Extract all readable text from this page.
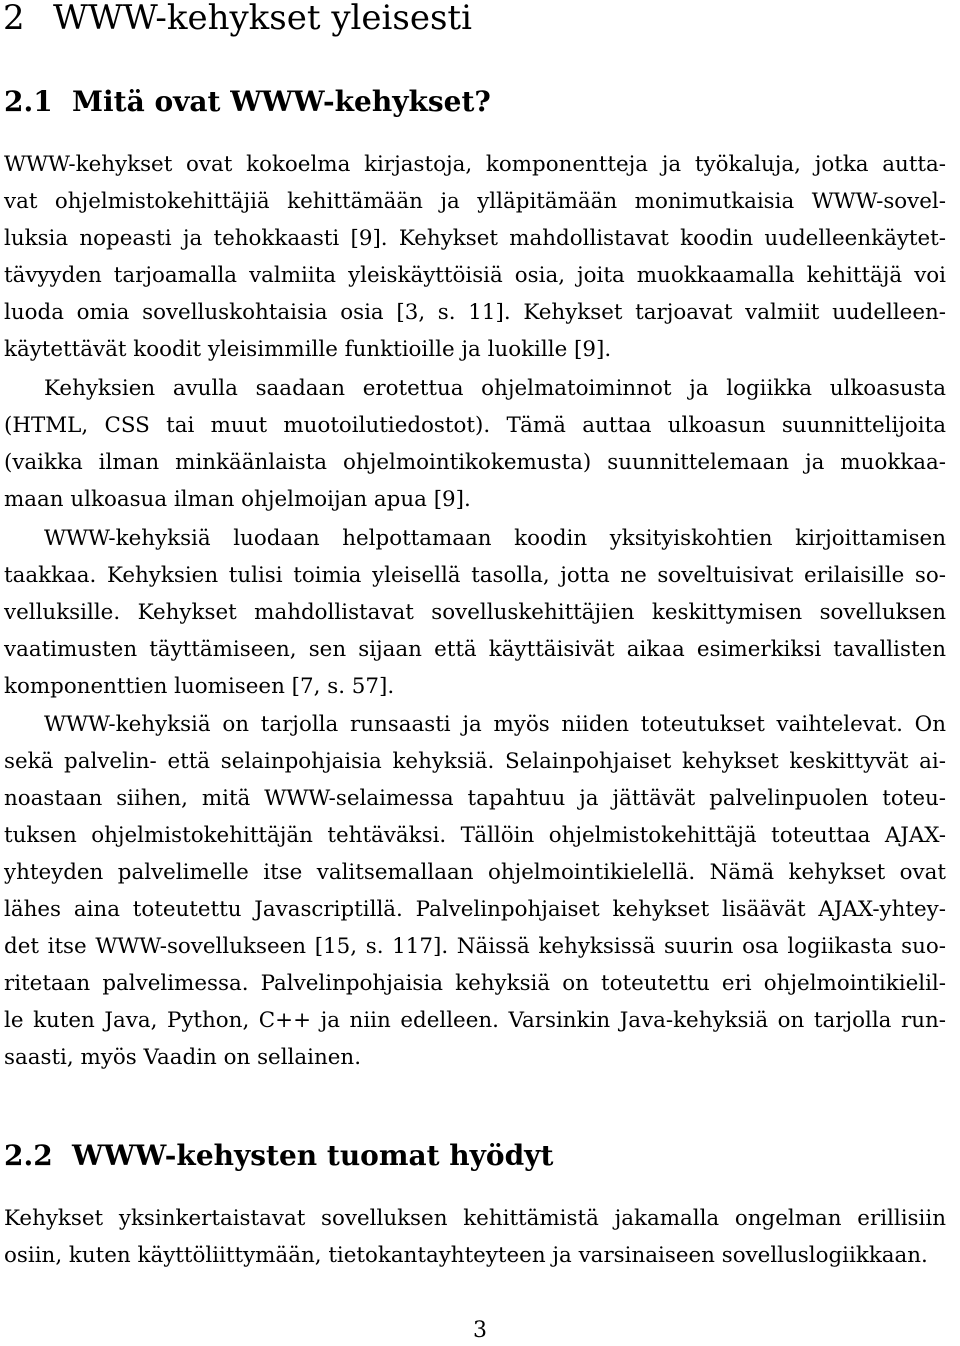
2 WWW-kehykset yleisesti
2.1 Mitä ovat WWW-kehykset?

WWW-kehykset ovat kokoelma kirjastoja, komponentteja ja työkaluja, jotka autta-

vat ohjelmistokehittäjiä kehittämään ja ylläpitämään monimutkaisia WWW-sovel-

luksia nopeasti ja tehokkaasti [9]. Kehykset mahdollistavat koodin uudelleenkäytet-

tävyyden tarjoamalla valmiita yleiskäyttöisiä osia, joita muokkaamalla kehittäjä voi

luoda omia sovelluskohtaisia osia [3, s. 11]. Kehykset tarjoavat valmiit uudelleen-

käytettävät koodit yleisimmille funktioille ja luokille [9].

Kehyksien avulla saadaan erotettua ohjelmatoiminnot ja logiikka ulkoasusta

(HTML, CSS tai muut muotoilutiedostot). Tämä auttaa ulkoasun suunnittelijoita

(vaikka ilman minkäänlaista ohjelmointikokemusta) suunnittelemaan ja muokkaa-

maan ulkoasua ilman ohjelmoijan apua [9].

WWW-kehyksiä luodaan helpottamaan koodin yksityiskohtien kirjoittamisen

taakkaa. Kehyksien tulisi toimia yleisellä tasolla, jotta ne soveltuisivat erilaisille so-

velluksille. Kehykset mahdollistavat sovelluskehittäjien keskittymisen sovelluksen

vaatimusten täyttämiseen, sen sijaan että käyttäisivät aikaa esimerkiksi tavallisten

komponenttien luomiseen [7, s. 57].

WWW-kehyksiä on tarjolla runsaasti ja myös niiden toteutukset vaihtelevat. On

sekä palvelin- että selainpohjaisia kehyksiä. Selainpohjaiset kehykset keskittyvät ai-

noastaan siihen, mitä WWW-selaimessa tapahtuu ja jättävät palvelinpuolen toteu-

tuksen ohjelmistokehittäjän tehtäväksi. Tällöin ohjelmistokehittäjä toteuttaa AJAX-

yhteyden palvelimelle itse valitsemallaan ohjelmointikielellä. Nämä kehykset ovat

lähes aina toteutettu Javascriptillä. Palvelinpohjaiset kehykset lisäävät AJAX-yhtey-

det itse WWW-sovellukseen [15, s. 117]. Näissä kehyksissä suurin osa logiikasta suo-

ritetaan palvelimessa. Palvelinpohjaisia kehyksiä on toteutettu eri ohjelmointikielil-

le kuten Java, Python, C++ ja niin edelleen. Varsinkin Java-kehyksiä on tarjolla run-

saasti, myös Vaadin on sellainen.

2.2 WWW-kehysten tuomat hyödyt

Kehykset yksinkertaistavat sovelluksen kehittämistä jakamalla ongelman erillisiin

osiin, kuten käyttöliittymään, tietokantayhteyteen ja varsinaiseen sovelluslogiikkaan.

3
